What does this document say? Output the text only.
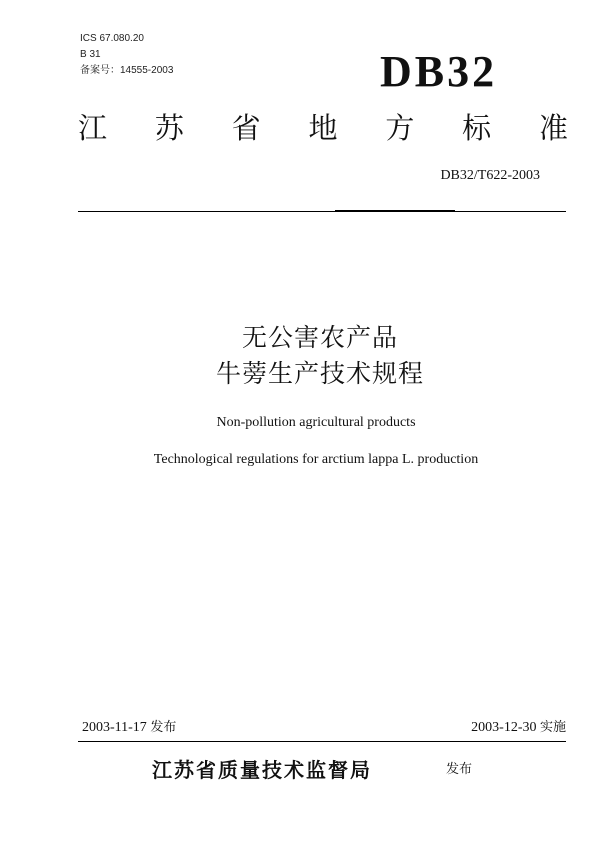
ICS 67.080.20
B 31
备案号：14555-2003	DB32
江 苏 省 地 方 标 准
DB32/T622-2003
无公害农产品
牛蒡生产技术规程
Non-pollution agricultural products
Technological regulations for arctium lappa L. production
2003-11-17 发布	2003-12-30 实施
江苏省质量技术监督局	发布
